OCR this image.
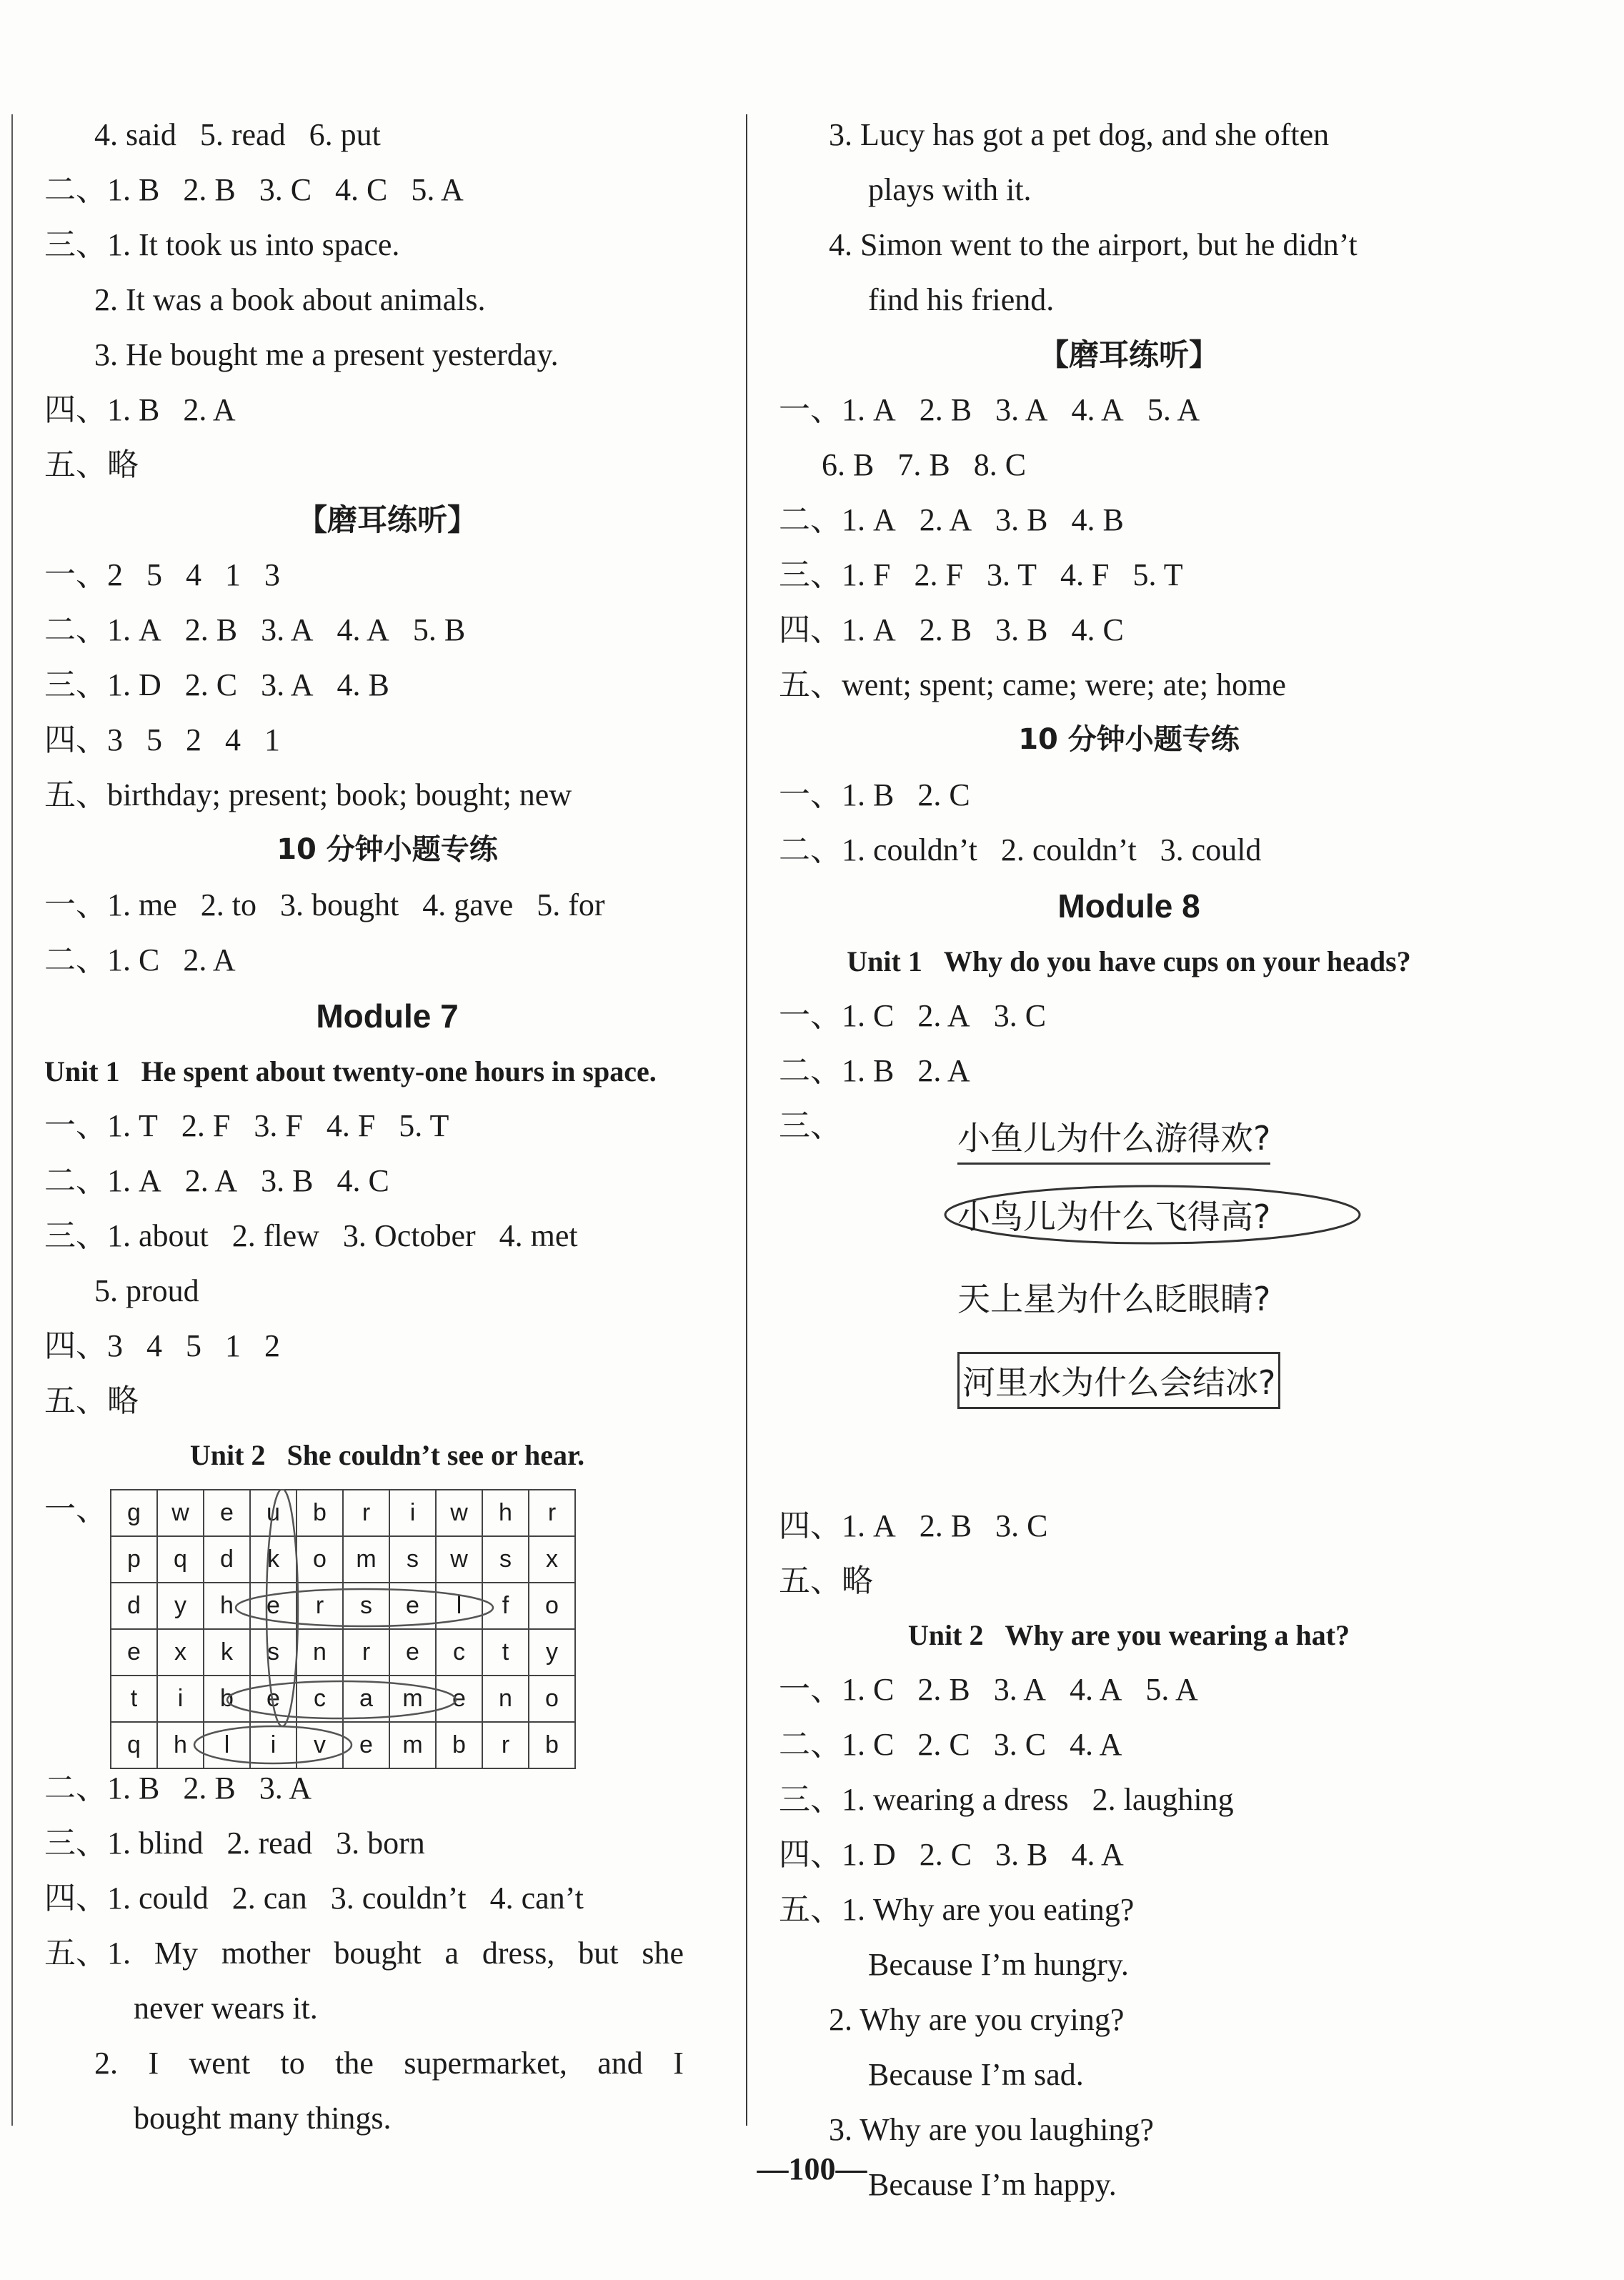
4. said   5. read   6. put
二、1. B   2. B   3. C   4. C   5. A
三、1. It took us into space.
2. It was a book about animals.
3. He bought me a present yesterday.
四、1. B   2. A
五、略
【磨耳练听】
一、2   5   4   1   3
二、1. A   2. B   3. A   4. A   5. B
三、1. D   2. C   3. A   4. B
四、3   5   2   4   1
五、birthday; present; book; bought; new
10 分钟小题专练
一、1. me   2. to   3. bought   4. gave   5. for
二、1. C   2. A
Module 7
Unit 1   He spent about twenty-one hours in space.
一、1. T   2. F   3. F   4. F   5. T
二、1. A   2. A   3. B   4. C
三、1. about   2. flew   3. October   4. met
5. proud
四、3   4   5   1   2
五、略
Unit 2   She couldn’t see or hear.
一、 g	w	e	u	b	r	i	w	h	r
p	q	d	k	o	m	s	w	s	x
d	y	h	e	r	s	e	l	f	o
e	x	k	s	n	r	e	c	t	y
t	i	b	e	c	a	m	e	n	o
q	h	l	i	v	e	m	b	r	b
二、1. B   2. B   3. A
三、1. blind   2. read   3. born
四、1. could   2. can   3. couldn’t   4. can’t
五、1. My mother bought a dress, but she
never wears it.
2. I went to the supermarket, and I
bought many things.
3. Lucy has got a pet dog, and she often
plays with it.
4. Simon went to the airport, but he didn’t
find his friend.
【磨耳练听】
一、1. A   2. B   3. A   4. A   5. A
6. B   7. B   8. C
二、1. A   2. A   3. B   4. B
三、1. F   2. F   3. T   4. F   5. T
四、1. A   2. B   3. B   4. C
五、went; spent; came; were; ate; home
10 分钟小题专练
一、1. B   2. C
二、1. couldn’t   2. couldn’t   3. could
Module 8
Unit 1   Why do you have cups on your heads?
一、1. C   2. A   3. C
二、1. B   2. A
三、	小鱼儿为什么游得欢?
小鸟儿为什么飞得高?
天上星为什么眨眼睛?
河里水为什么会结冰?
四、1. A   2. B   3. C
五、略
Unit 2   Why are you wearing a hat?
一、1. C   2. B   3. A   4. A   5. A
二、1. C   2. C   3. C   4. A
三、1. wearing a dress   2. laughing
四、1. D   2. C   3. B   4. A
五、1. Why are you eating?
Because I’m hungry.
2. Why are you crying?
Because I’m sad.
3. Why are you laughing?
Because I’m happy.
—100—
